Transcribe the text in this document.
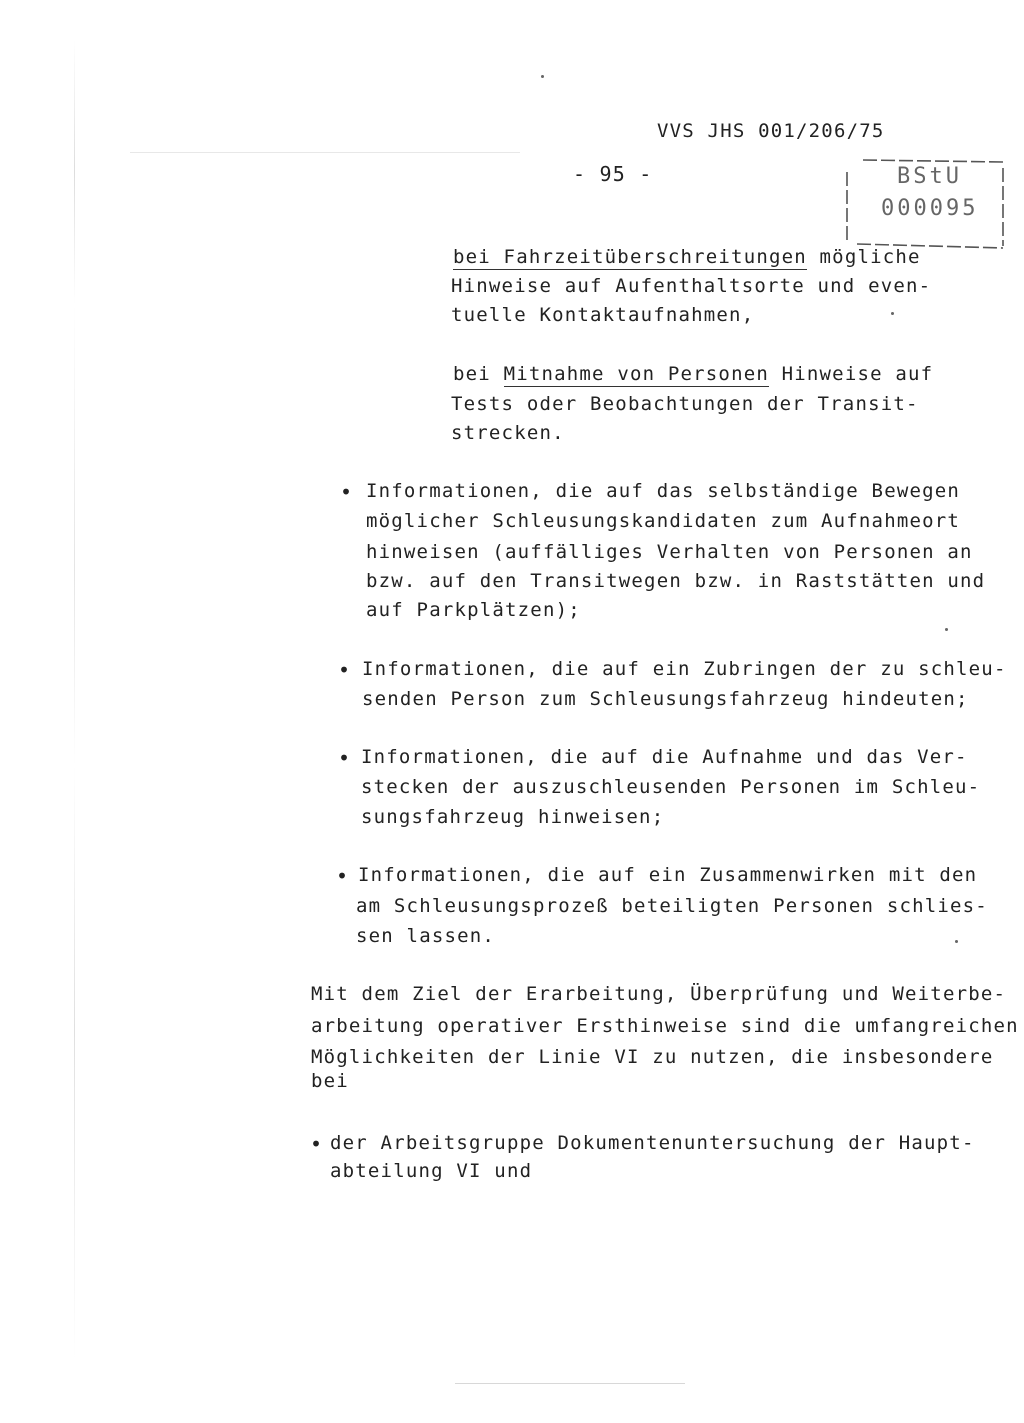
VVS JHS 001/206/75
- 95 -	BStU
000095
bei Fahrzeitüberschreitungen mögliche
Hinweise auf Aufenthaltsorte und even-
tuelle Kontaktaufnahmen,
bei Mitnahme von Personen Hinweise auf
Tests oder Beobachtungen der Transit-
strecken.
• Informationen, die auf das selbständige Bewegen
möglicher Schleusungskandidaten zum Aufnahmeort
hinweisen (auffälliges Verhalten von Personen an
bzw. auf den Transitwegen bzw. in Raststätten und
auf Parkplätzen);
• Informationen, die auf ein Zubringen der zu schleu-
senden Person zum Schleusungsfahrzeug hindeuten;
• Informationen, die auf die Aufnahme und das Ver-
stecken der auszuschleusenden Personen im Schleu-
sungsfahrzeug hinweisen;
• Informationen, die auf ein Zusammenwirken mit den
am Schleusungsprozeß beteiligten Personen schlies-
sen lassen.
Mit dem Ziel der Erarbeitung, Überprüfung und Weiterbe-
arbeitung operativer Ersthinweise sind die umfangreichen
Möglichkeiten der Linie VI zu nutzen, die insbesondere
bei
• der Arbeitsgruppe Dokumentenuntersuchung der Haupt-
abteilung VI und
